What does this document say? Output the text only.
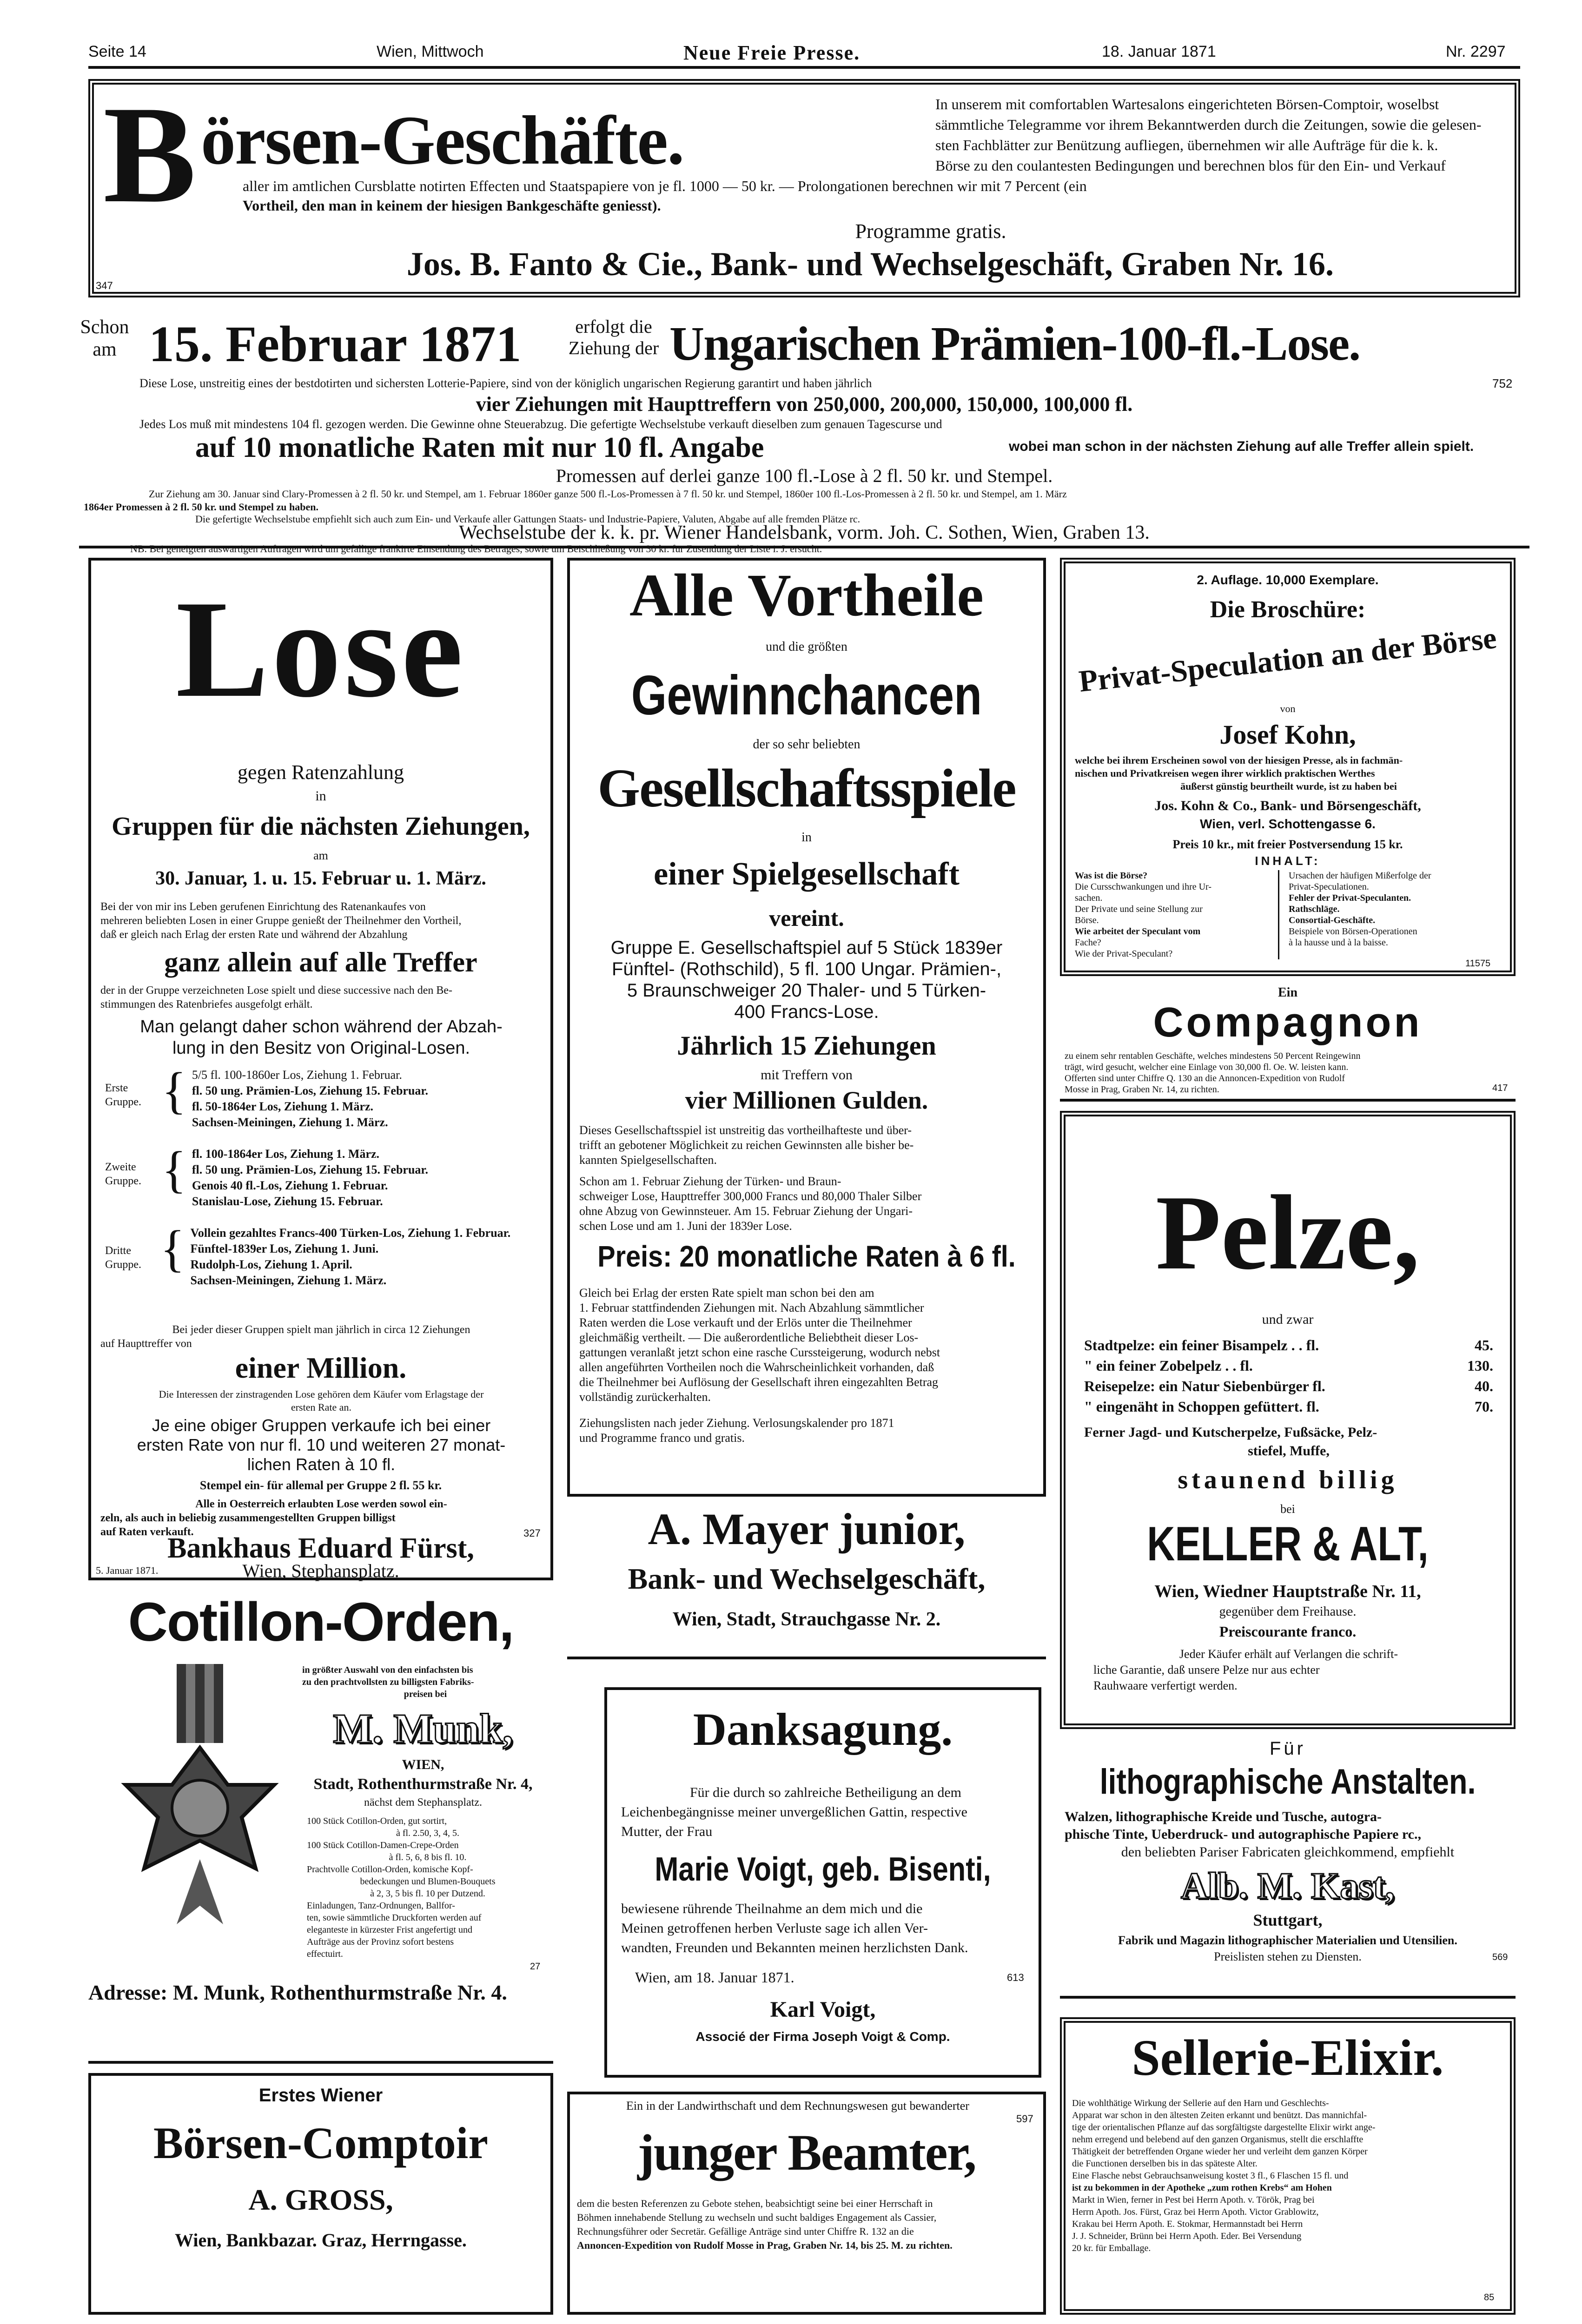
Seite 14	Wien, Mittwoch	Neue Freie Presse.	18. Januar 1871	Nr. 2297
B örsen-Geschäfte.	In unserem mit comfortablen Wartesalons eingerichteten Börsen-Comptoir, woselbst
sämmtliche Telegramme vor ihrem Bekanntwerden durch die Zeitungen, sowie die gelesen-
sten Fachblätter zur Benützung aufliegen, übernehmen wir alle Aufträge für die k. k.
Börse zu den coulantesten Bedingungen und berechnen blos für den Ein- und Verkauf
aller im amtlichen Cursblatte notirten Effecten und Staatspapiere von je fl. 1000 — 50 kr. — Prolongationen berechnen wir mit 7 Percent (ein
Vortheil, den man in keinem der hiesigen Bankgeschäfte geniesst).
Programme gratis.
Jos. B. Fanto & Cie., Bank- und Wechselgeschäft, Graben Nr. 16.
347
Schon am 15. Februar 1871	erfolgt die Ziehung der Ungarischen Prämien-100-fl.-Lose.
Diese Lose, unstreitig eines der bestdotirten und sichersten Lotterie-Papiere, sind von der königlich ungarischen Regierung garantirt und haben jährlich	752
vier Ziehungen mit Haupttreffern von 250,000, 200,000, 150,000, 100,000 fl.
Jedes Los muß mit mindestens 104 fl. gezogen werden. Die Gewinne ohne Steuerabzug. Die gefertigte Wechselstube verkauft dieselben zum genauen Tagescurse und
auf 10 monatliche Raten mit nur 10 fl. Angabe	wobei man schon in der nächsten Ziehung auf alle Treffer allein spielt.
Promessen auf derlei ganze 100 fl.-Lose à 2 fl. 50 kr. und Stempel.
Zur Ziehung am 30. Januar sind Clary-Promessen à 2 fl. 50 kr. und Stempel, am 1. Februar 1860er ganze 500 fl.-Los-Promessen à 7 fl. 50 kr. und Stempel, 1860er 100 fl.-Los-Promessen à 2 fl. 50 kr. und Stempel, am 1. März
1864er Promessen à 2 fl. 50 kr. und Stempel zu haben.
Die gefertigte Wechselstube empfiehlt sich auch zum Ein- und Verkaufe aller Gattungen Staats- und Industrie-Papiere, Valuten, Abgabe auf alle fremden Plätze rc.
Wechselstube der k. k. pr. Wiener Handelsbank, vorm. Joh. C. Sothen, Wien, Graben 13.
NB. Bei geneigten auswärtigen Aufträgen wird um gefällige frankirte Einsendung des Betrages, sowie um Beischließung von 30 kr. für Zusendung der Liste i. J. ersucht.
Lose
gegen Ratenzahlung
in
Gruppen für die nächsten Ziehungen,
am
30. Januar, 1. u. 15. Februar u. 1. März.
Bei der von mir ins Leben gerufenen Einrichtung des Ratenankaufes von
mehreren beliebten Losen in einer Gruppe genießt der Theilnehmer den Vortheil,
daß er gleich nach Erlag der ersten Rate und während der Abzahlung
ganz allein auf alle Treffer
der in der Gruppe verzeichneten Lose spielt und diese successive nach den Be-
stimmungen des Ratenbriefes ausgefolgt erhält.
Man gelangt daher schon während der Abzah-
lung in den Besitz von Original-Losen.
Erste Gruppe. { 5/5 fl. 100-1860er Los, Ziehung 1. Februar.
fl. 50 ung. Prämien-Los, Ziehung 15. Februar.
fl. 50-1864er Los, Ziehung 1. März.
Sachsen-Meiningen, Ziehung 1. März.
Zweite Gruppe. { fl. 100-1864er Los, Ziehung 1. März.
fl. 50 ung. Prämien-Los, Ziehung 15. Februar.
Genois 40 fl.-Los, Ziehung 1. Februar.
Stanislau-Lose, Ziehung 15. Februar.
Dritte Gruppe. { Vollein gezahltes Francs-400 Türken-Los, Ziehung 1. Februar.
Fünftel-1839er Los, Ziehung 1. Juni.
Rudolph-Los, Ziehung 1. April.
Sachsen-Meiningen, Ziehung 1. März.
Bei jeder dieser Gruppen spielt man jährlich in circa 12 Ziehungen
auf Haupttreffer von
einer Million.
Die Interessen der zinstragenden Lose gehören dem Käufer vom Erlagstage der
ersten Rate an.
Je eine obiger Gruppen verkaufe ich bei einer
ersten Rate von nur fl. 10 und weiteren 27 monat-
lichen Raten à 10 fl.
Stempel ein- für allemal per Gruppe 2 fl. 55 kr.
Alle in Oesterreich erlaubten Lose werden sowol ein-
zeln, als auch in beliebig zusammengestellten Gruppen billigst
auf Raten verkauft.	327
Bankhaus Eduard Fürst,
Wien, Stephansplatz.
5. Januar 1871.
Cotillon-Orden,
in größter Auswahl von den einfachsten bis
zu den prachtvollsten zu billigsten Fabriks-
preisen bei
M. Munk,
WIEN,
Stadt, Rothenthurmstraße Nr. 4,
nächst dem Stephansplatz.
100 Stück Cotillon-Orden, gut sortirt,
à fl. 2.50, 3, 4, 5.
100 Stück Cotillon-Damen-Crepe-Orden
à fl. 5, 6, 8 bis fl. 10.
Prachtvolle Cotillon-Orden, komische Kopf-
bedeckungen und Blumen-Bouquets
à 2, 3, 5 bis fl. 10 per Dutzend.
Einladungen, Tanz-Ordnungen, Ballfor-
ten, sowie sämmtliche Druckforten werden auf
eleganteste in kürzester Frist angefertigt und
Aufträge aus der Provinz sofort bestens
effectuirt.
27
Adresse: M. Munk, Rothenthurmstraße Nr. 4.
Erstes Wiener
Börsen-Comptoir
A. GROSS,
Wien, Bankbazar. Graz, Herrngasse.
Alle Vortheile
und die größten
Gewinnchancen
der so sehr beliebten
Gesellschaftsspiele
in
einer Spielgesellschaft
vereint.
Gruppe E. Gesellschaftspiel auf 5 Stück 1839er
Fünftel- (Rothschild), 5 fl. 100 Ungar. Prämien-,
5 Braunschweiger 20 Thaler- und 5 Türken-
400 Francs-Lose.
Jährlich 15 Ziehungen
mit Treffern von
vier Millionen Gulden.
Dieses Gesellschaftsspiel ist unstreitig das vortheilhafteste und über-
trifft an gebotener Möglichkeit zu reichen Gewinnsten alle bisher be-
kannten Spielgesellschaften.
Schon am 1. Februar Ziehung der Türken- und Braun-
schweiger Lose, Haupttreffer 300,000 Francs und 80,000 Thaler Silber
ohne Abzug von Gewinnsteuer. Am 15. Februar Ziehung der Ungari-
schen Lose und am 1. Juni der 1839er Lose.
Preis: 20 monatliche Raten à 6 fl.
Gleich bei Erlag der ersten Rate spielt man schon bei den am
1. Februar stattfindenden Ziehungen mit. Nach Abzahlung sämmtlicher
Raten werden die Lose verkauft und der Erlös unter die Theilnehmer
gleichmäßig vertheilt. — Die außerordentliche Beliebtheit dieser Los-
gattungen veranlaßt jetzt schon eine rasche Curssteigerung, wodurch nebst
allen angeführten Vortheilen noch die Wahrscheinlichkeit vorhanden, daß
die Theilnehmer bei Auflösung der Gesellschaft ihren eingezahlten Betrag
vollständig zurückerhalten.
Ziehungslisten nach jeder Ziehung. Verlosungskalender pro 1871
und Programme franco und gratis.
A. Mayer junior,
Bank- und Wechselgeschäft,
Wien, Stadt, Strauchgasse Nr. 2.
Danksagung.
Für die durch so zahlreiche Betheiligung an dem
Leichenbegängnisse meiner unvergeßlichen Gattin, respective
Mutter, der Frau
Marie Voigt, geb. Bisenti,
bewiesene rührende Theilnahme an dem mich und die
Meinen getroffenen herben Verluste sage ich allen Ver-
wandten, Freunden und Bekannten meinen herzlichsten Dank.
Wien, am 18. Januar 1871.	613
Karl Voigt,
Associé der Firma Joseph Voigt & Comp.
Ein in der Landwirthschaft und dem Rechnungswesen gut bewanderter
597
junger Beamter,
dem die besten Referenzen zu Gebote stehen, beabsichtigt seine bei einer Herrschaft in
Böhmen innehabende Stellung zu wechseln und sucht baldiges Engagement als Cassier,
Rechnungsführer oder Secretär. Gefällige Anträge sind unter Chiffre R. 132 an die
Annoncen-Expedition von Rudolf Mosse in Prag, Graben Nr. 14, bis 25. M. zu richten.
2. Auflage. 10,000 Exemplare.
Die Broschüre:
Privat-Speculation an der Börse
von
Josef Kohn,
welche bei ihrem Erscheinen sowol von der hiesigen Presse, als in fachmän-
nischen und Privatkreisen wegen ihrer wirklich praktischen Werthes
äußerst günstig beurtheilt wurde, ist zu haben bei
Jos. Kohn & Co., Bank- und Börsengeschäft,
Wien, verl. Schottengasse 6.
Preis 10 kr., mit freier Postversendung 15 kr.
INHALT:
Was ist die Börse?
Die Cursschwankungen und ihre Ur-
sachen.
Der Private und seine Stellung zur
Börse.
Wie arbeitet der Speculant vom
Fache?
Wie der Privat-Speculant?
Ursachen der häufigen Mißerfolge der
Privat-Speculationen.
Fehler der Privat-Speculanten.
Rathschläge.
Consortial-Geschäfte.
Beispiele von Börsen-Operationen
à la hausse und à la baisse.
11575
Ein
Compagnon
zu einem sehr rentablen Geschäfte, welches mindestens 50 Percent Reingewinn
trägt, wird gesucht, welcher eine Einlage von 30,000 fl. Oe. W. leisten kann.
Offerten sind unter Chiffre Q. 130 an die Annoncen-Expedition von Rudolf
Mosse in Prag, Graben Nr. 14, zu richten.	417
Pelze,
und zwar
Stadtpelze: ein feiner Bisampelz . . fl.	45.
" ein feiner Zobelpelz . . fl.	130.
Reisepelze: ein Natur Siebenbürger fl.	40.
" eingenäht in Schoppen gefüttert. fl.	70.
Ferner Jagd- und Kutscherpelze, Fußsäcke, Pelz-
stiefel, Muffe,
staunend billig
bei
KELLER & ALT,
Wien, Wiedner Hauptstraße Nr. 11,
gegenüber dem Freihause.
Preiscourante franco.
Jeder Käufer erhält auf Verlangen die schrift-
liche Garantie, daß unsere Pelze nur aus echter
Rauhwaare verfertigt werden.
Für
lithographische Anstalten.
Walzen, lithographische Kreide und Tusche, autogra-
phische Tinte, Ueberdruck- und autographische Papiere rc.,
den beliebten Pariser Fabricaten gleichkommend, empfiehlt
Alb. M. Kast,
Stuttgart,
Fabrik und Magazin lithographischer Materialien und Utensilien.
Preislisten stehen zu Diensten.	569
Sellerie-Elixir.
Die wohlthätige Wirkung der Sellerie auf den Harn und Geschlechts-
Apparat war schon in den ältesten Zeiten erkannt und benützt. Das mannichfal-
tige der orientalischen Pflanze auf das sorgfältigste dargestellte Elixir wirkt ange-
nehm erregend und belebend auf den ganzen Organismus, stellt die erschlaffte
Thätigkeit der betreffenden Organe wieder her und verleiht dem ganzen Körper
die Functionen derselben bis in das späteste Alter.
Eine Flasche nebst Gebrauchsanweisung kostet 3 fl., 6 Flaschen 15 fl. und
ist zu bekommen in der Apotheke „zum rothen Krebs“ am Hohen
Markt in Wien, ferner in Pest bei Herrn Apoth. v. Török, Prag bei
Herrn Apoth. Jos. Fürst, Graz bei Herrn Apoth. Victor Grablowitz,
Krakau bei Herrn Apoth. E. Stokmar, Hermannstadt bei Herrn
J. J. Schneider, Brünn bei Herrn Apoth. Eder. Bei Versendung
20 kr. für Emballage.
85
